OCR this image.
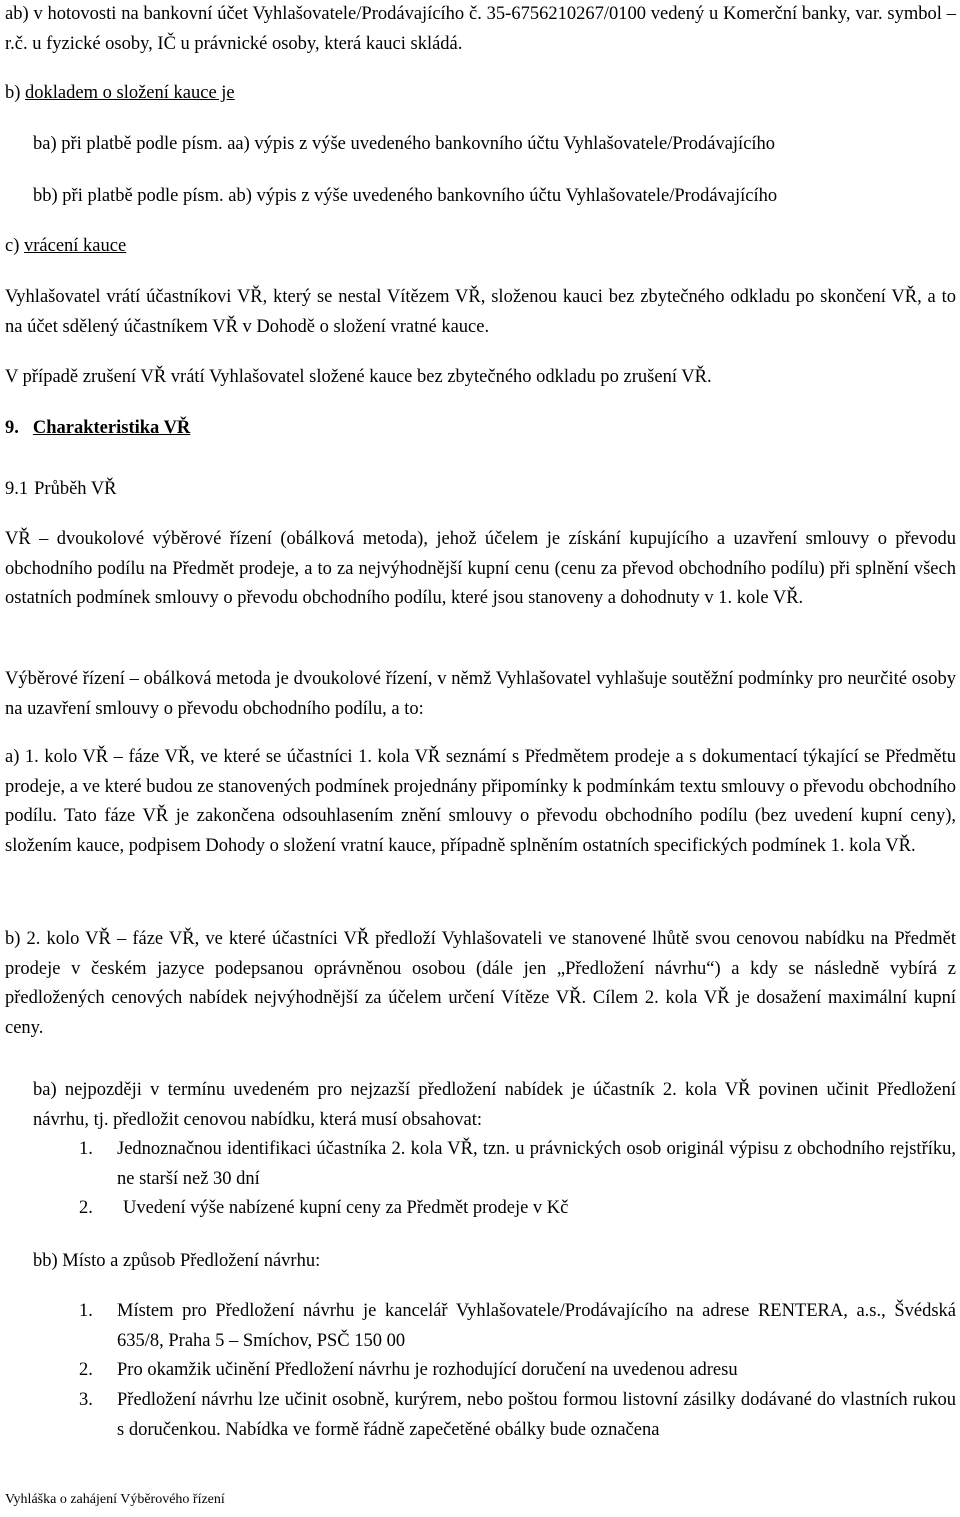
ab) v hotovosti na bankovní účet Vyhlašovatele/Prodávajícího č. 35-6756210267/0100 vedený u Komerční banky, var. symbol – r.č. u fyzické osoby, IČ u právnické osoby, která kauci skládá.

b) dokladem o složení kauce je

ba) při platbě podle písm. aa) výpis z výše uvedeného bankovního účtu Vyhlašovatele/Prodávajícího

bb) při platbě podle písm. ab) výpis z výše uvedeného bankovního účtu Vyhlašovatele/Prodávajícího

c) vrácení kauce

Vyhlašovatel vrátí účastníkovi VŘ, který se nestal Vítězem VŘ, složenou kauci bez zbytečného odkladu po skončení VŘ, a to na účet sdělený účastníkem VŘ v Dohodě o složení vratné kauce.

V případě zrušení VŘ vrátí Vyhlašovatel složené kauce bez zbytečného odkladu po zrušení VŘ.

9. Charakteristika VŘ

9.1 Průběh VŘ

VŘ – dvoukolové výběrové řízení (obálková metoda), jehož účelem je získání kupujícího a uzavření smlouvy o převodu obchodního podílu na Předmět prodeje, a to za nejvýhodnější kupní cenu (cenu za převod obchodního podílu) při splnění všech ostatních podmínek smlouvy o převodu obchodního podílu, které jsou stanoveny a dohodnuty v 1. kole VŘ.

Výběrové řízení – obálková metoda je dvoukolové řízení, v němž Vyhlašovatel vyhlašuje soutěžní podmínky pro neurčité osoby na uzavření smlouvy o převodu obchodního podílu, a to:

a) 1. kolo VŘ – fáze VŘ, ve které se účastníci 1. kola VŘ seznámí s Předmětem prodeje a s dokumentací týkající se Předmětu prodeje, a ve které budou ze stanovených podmínek projednány připomínky k podmínkám textu smlouvy o převodu obchodního podílu. Tato fáze VŘ je zakončena odsouhlasením znění smlouvy o převodu obchodního podílu (bez uvedení kupní ceny), složením kauce, podpisem Dohody o složení vratní kauce, případně splněním ostatních specifických podmínek 1. kola VŘ.

b) 2. kolo VŘ – fáze VŘ, ve které účastníci VŘ předloží Vyhlašovateli ve stanovené lhůtě svou cenovou nabídku na Předmět prodeje v českém jazyce podepsanou oprávněnou osobou (dále jen „Předložení návrhu“) a kdy se následně vybírá z předložených cenových nabídek nejvýhodnější za účelem určení Vítěze VŘ. Cílem 2. kola VŘ je dosažení maximální kupní ceny.

ba) nejpozději v termínu uvedeném pro nejzazší předložení nabídek je účastník 2. kola VŘ povinen učinit Předložení návrhu, tj. předložit cenovou nabídku, která musí obsahovat:

1. Jednoznačnou identifikaci účastníka 2. kola VŘ, tzn. u právnických osob originál výpisu z obchodního rejstříku, ne starší než 30 dní
2. Uvedení výše nabízené kupní ceny za Předmět prodeje v Kč

bb) Místo a způsob Předložení návrhu:

1. Místem pro Předložení návrhu je kancelář Vyhlašovatele/Prodávajícího na adrese RENTERA, a.s., Švédská 635/8, Praha 5 – Smíchov, PSČ 150 00
2. Pro okamžik učinění Předložení návrhu je rozhodující doručení na uvedenou adresu
3. Předložení návrhu lze učinit osobně, kurýrem, nebo poštou formou listovní zásilky dodávané do vlastních rukou s doručenkou. Nabídka ve formě řádně zapečetěné obálky bude označena
Vyhláška o zahájení Výběrového řízení
